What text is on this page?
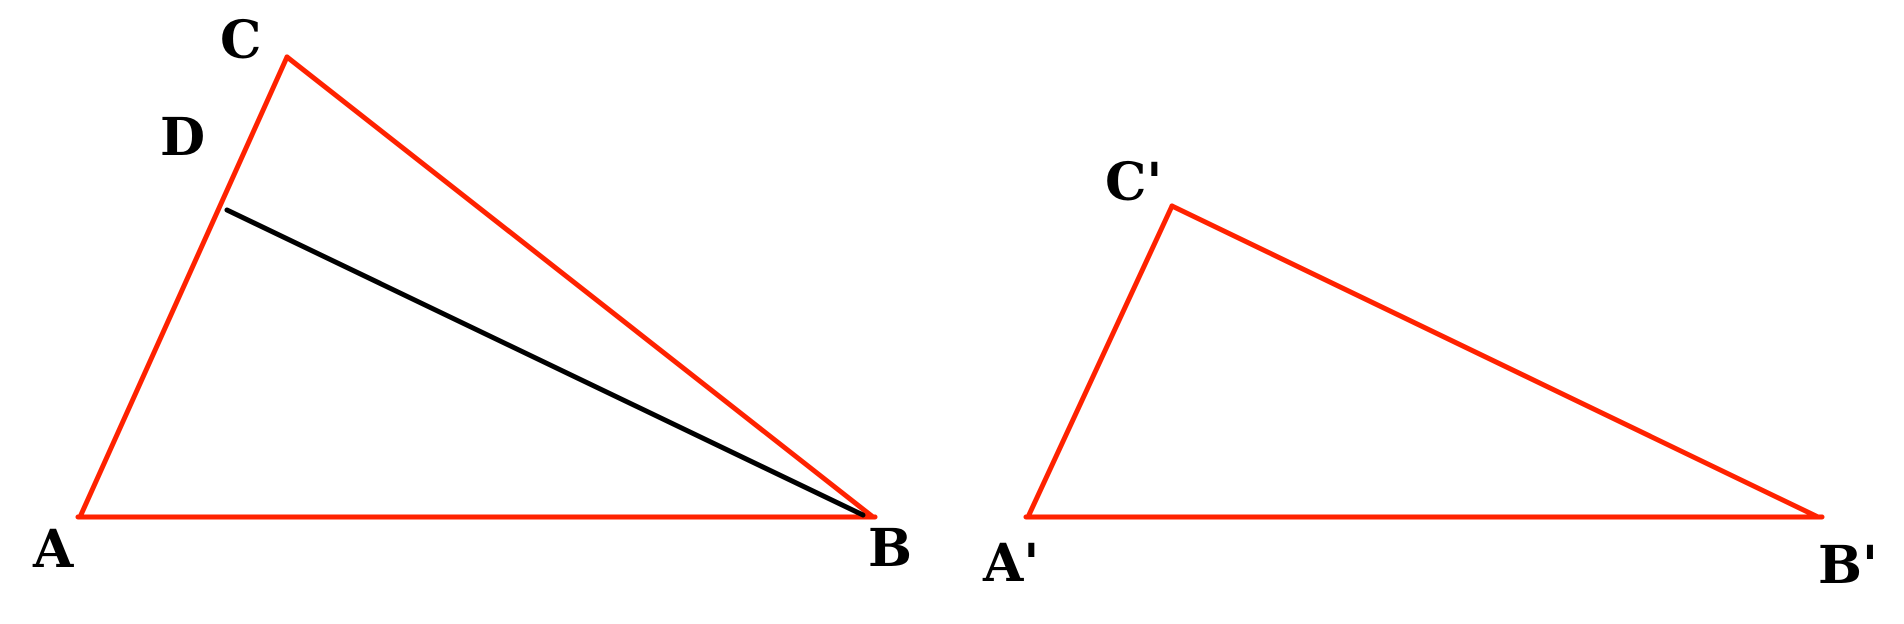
A	B
C
D
A'	B'
C'
